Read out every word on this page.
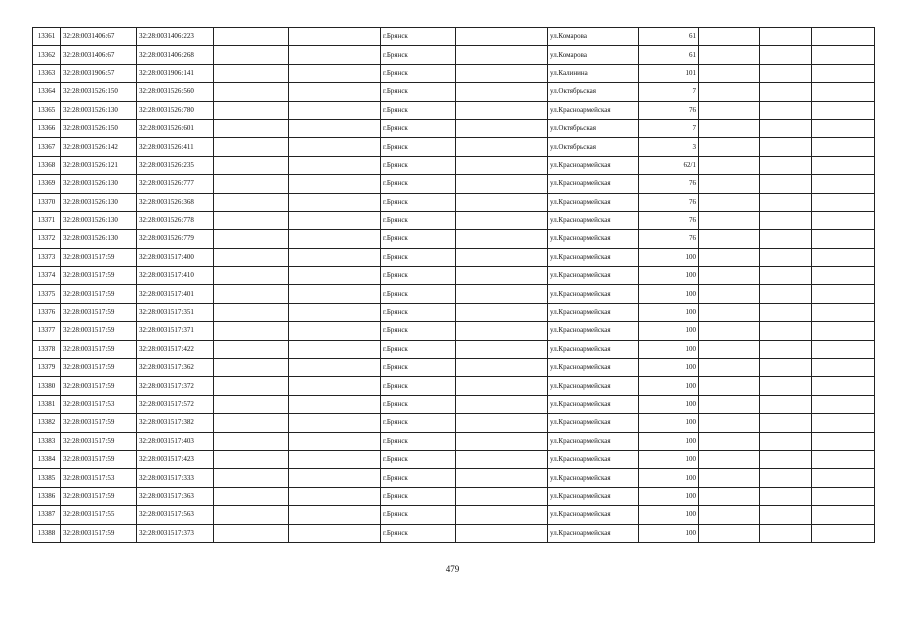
13361	32:28:0031406:67	32:28:0031406:223			г.Брянск		ул.Комарова	61			
13362	32:28:0031406:67	32:28:0031406:268			г.Брянск		ул.Комарова	61			
13363	32:28:0031906:57	32:28:0031906:141			г.Брянск		ул.Калинина	101			
13364	32:28:0031526:150	32:28:0031526:560			г.Брянск		ул.Октябрьская	7			
13365	32:28:0031526:130	32:28:0031526:780			г.Брянск		ул.Красноармейская	76			
13366	32:28:0031526:150	32:28:0031526:601			г.Брянск		ул.Октябрьская	7			
13367	32:28:0031526:142	32:28:0031526:411			г.Брянск		ул.Октябрьская	3			
13368	32:28:0031526:121	32:28:0031526:235			г.Брянск		ул.Красноармейская	62/1			
13369	32:28:0031526:130	32:28:0031526:777			г.Брянск		ул.Красноармейская	76			
13370	32:28:0031526:130	32:28:0031526:368			г.Брянск		ул.Красноармейская	76			
13371	32:28:0031526:130	32:28:0031526:778			г.Брянск		ул.Красноармейская	76			
13372	32:28:0031526:130	32:28:0031526:779			г.Брянск		ул.Красноармейская	76			
13373	32:28:0031517:59	32:28:0031517:400			г.Брянск		ул.Красноармейская	100			
13374	32:28:0031517:59	32:28:0031517:410			г.Брянск		ул.Красноармейская	100			
13375	32:28:0031517:59	32:28:0031517:401			г.Брянск		ул.Красноармейская	100			
13376	32:28:0031517:59	32:28:0031517:351			г.Брянск		ул.Красноармейская	100			
13377	32:28:0031517:59	32:28:0031517:371			г.Брянск		ул.Красноармейская	100			
13378	32:28:0031517:59	32:28:0031517:422			г.Брянск		ул.Красноармейская	100			
13379	32:28:0031517:59	32:28:0031517:362			г.Брянск		ул.Красноармейская	100			
13380	32:28:0031517:59	32:28:0031517:372			г.Брянск		ул.Красноармейская	100			
13381	32:28:0031517:53	32:28:0031517:572			г.Брянск		ул.Красноармейская	100			
13382	32:28:0031517:59	32:28:0031517:382			г.Брянск		ул.Красноармейская	100			
13383	32:28:0031517:59	32:28:0031517:403			г.Брянск		ул.Красноармейская	100			
13384	32:28:0031517:59	32:28:0031517:423			г.Брянск		ул.Красноармейская	100			
13385	32:28:0031517:53	32:28:0031517:333			г.Брянск		ул.Красноармейская	100			
13386	32:28:0031517:59	32:28:0031517:363			г.Брянск		ул.Красноармейская	100			
13387	32:28:0031517:55	32:28:0031517:563			г.Брянск		ул.Красноармейская	100			
13388	32:28:0031517:59	32:28:0031517:373			г.Брянск		ул.Красноармейская	100			
479
